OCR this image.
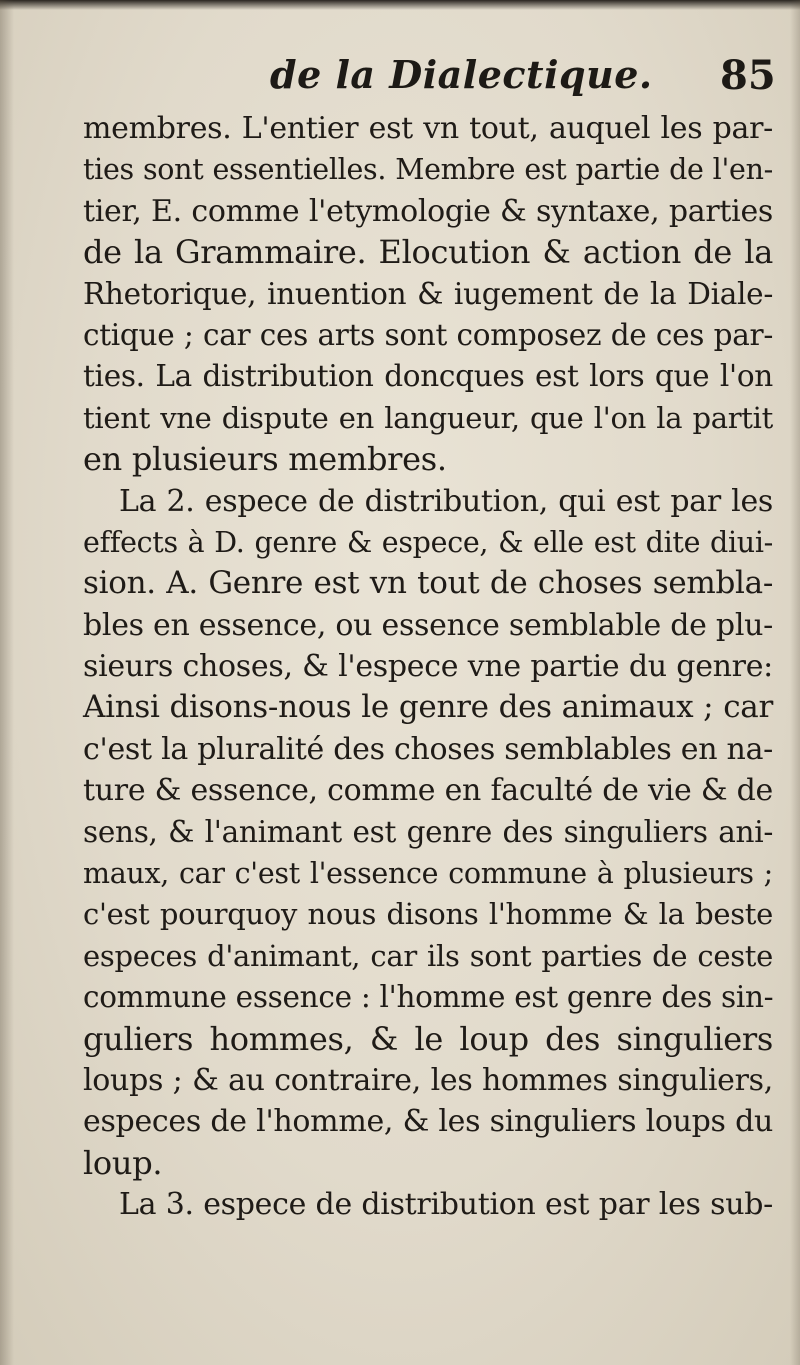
de la Dialectique. 85
membres. L'entier est vn tout, auquel les par-
ties sont essentielles. Membre est partie de l'en-
tier, E. comme l'etymologie & syntaxe, parties
de la Grammaire. Elocution & action de la
Rhetorique, inuention & iugement de la Diale-
ctique ; car ces arts sont composez de ces par-
ties. La distribution doncques est lors que l'on
tient vne dispute en langueur, que l'on la partit
en plusieurs membres.
La 2. espece de distribution, qui est par les
effects à D. genre & espece, & elle est dite diui-
sion. A. Genre est vn tout de choses sembla-
bles en essence, ou essence semblable de plu-
sieurs choses, & l'espece vne partie du genre:
Ainsi disons-nous le genre des animaux ; car
c'est la pluralité des choses semblables en na-
ture & essence, comme en faculté de vie & de
sens, & l'animant est genre des singuliers ani-
maux, car c'est l'essence commune à plusieurs ;
c'est pourquoy nous disons l'homme & la beste
especes d'animant, car ils sont parties de ceste
commune essence : l'homme est genre des sin-
guliers hommes, & le loup des singuliers
loups ; & au contraire, les hommes singuliers,
especes de l'homme, & les singuliers loups du
loup.
La 3. espece de distribution est par les sub-
